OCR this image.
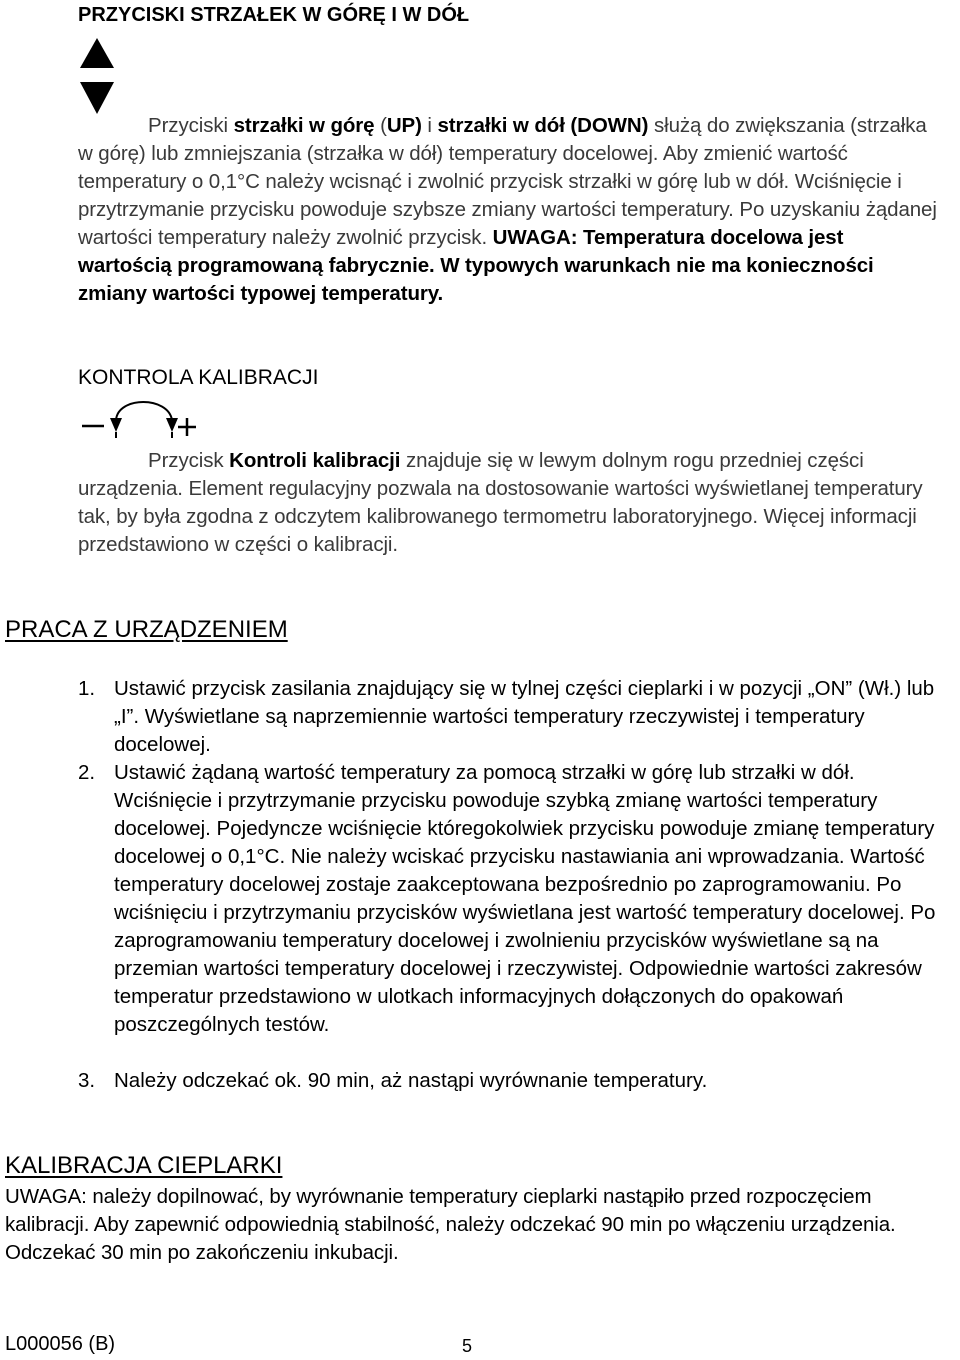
PRZYCISKI STRZAŁEK W GÓRĘ I W DÓŁ
Przyciski strzałki w górę (UP) i strzałki w dół (DOWN) służą do zwiększania (strzałka w górę) lub zmniejszania (strzałka w dół) temperatury docelowej. Aby zmienić wartość temperatury o 0,1°C należy wcisnąć i zwolnić przycisk strzałki w górę lub w dół. Wciśnięcie i przytrzymanie przycisku powoduje szybsze zmiany wartości temperatury. Po uzyskaniu żądanej wartości temperatury należy zwolnić przycisk. UWAGA: Temperatura docelowa jest wartością programowaną fabrycznie. W typowych warunkach nie ma konieczności zmiany wartości typowej temperatury.
KONTROLA KALIBRACJI
Przycisk Kontroli kalibracji znajduje się w lewym dolnym rogu przedniej części urządzenia. Element regulacyjny pozwala na dostosowanie wartości wyświetlanej temperatury tak, by była zgodna z odczytem kalibrowanego termometru laboratoryjnego. Więcej informacji przedstawiono w części o kalibracji.
PRACA Z URZĄDZENIEM
1. Ustawić przycisk zasilania znajdujący się w tylnej części cieplarki i w pozycji „ON” (Wł.) lub „I”. Wyświetlane są naprzemiennie wartości temperatury rzeczywistej i temperatury docelowej.
2. Ustawić żądaną wartość temperatury za pomocą strzałki w górę lub strzałki w dół. Wciśnięcie i przytrzymanie przycisku powoduje szybką zmianę wartości temperatury docelowej. Pojedyncze wciśnięcie któregokolwiek przycisku powoduje zmianę temperatury docelowej o 0,1°C. Nie należy wciskać przycisku nastawiania ani wprowadzania. Wartość temperatury docelowej zostaje zaakceptowana bezpośrednio po zaprogramowaniu. Po wciśnięciu i przytrzymaniu przycisków wyświetlana jest wartość temperatury docelowej. Po zaprogramowaniu temperatury docelowej i zwolnieniu przycisków wyświetlane są na przemian wartości temperatury docelowej i rzeczywistej. Odpowiednie wartości zakresów temperatur przedstawiono w ulotkach informacyjnych dołączonych do opakowań poszczególnych testów.
3. Należy odczekać ok. 90 min, aż nastąpi wyrównanie temperatury.
KALIBRACJA CIEPLARKI
UWAGA: należy dopilnować, by wyrównanie temperatury cieplarki nastąpiło przed rozpoczęciem kalibracji. Aby zapewnić odpowiednią stabilność, należy odczekać 90 min po włączeniu urządzenia. Odczekać 30 min po zakończeniu inkubacji.
L000056 (B)	5
